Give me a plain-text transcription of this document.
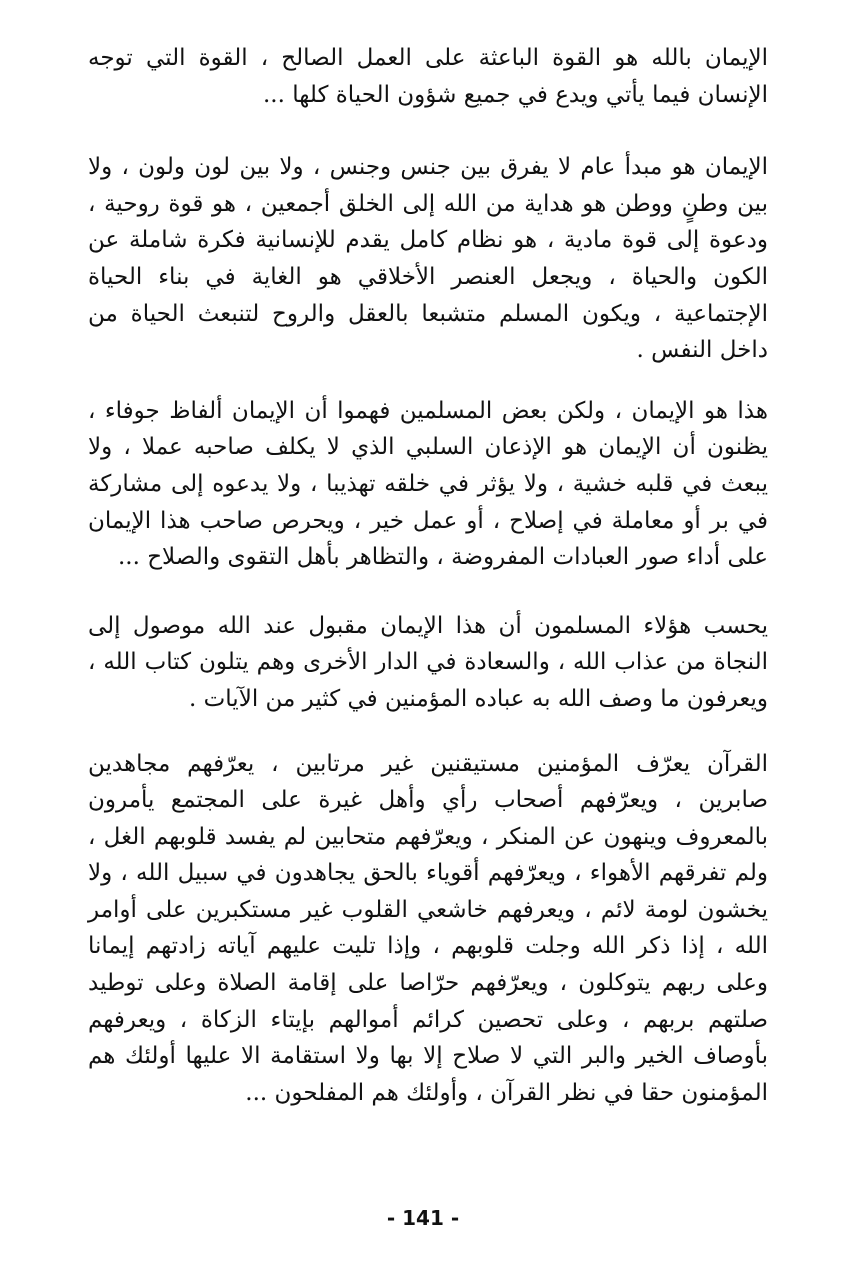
الإيمان بالله هو القوة الباعثة على العمل الصالح ، القوة التي توجه الإنسان فيما يأتي ويدع في جميع شؤون الحياة كلها ...

الإيمان هو مبدأ عام لا يفرق بين جنس وجنس ، ولا بين لون ولون ، ولا بين وطنٍ ووطن هو هداية من الله إلى الخلق أجمعين ، هو قوة روحية ، ودعوة إلى قوة مادية ، هو نظام كامل يقدم للإنسانية فكرة شاملة عن الكون والحياة ، ويجعل العنصر الأخلاقي هو الغاية في بناء الحياة الإجتماعية ، ويكون المسلم متشبعا بالعقل والروح لتنبعث الحياة من داخل النفس .

هذا هو الإيمان ، ولكن بعض المسلمين فهموا أن الإيمان ألفاظ جوفاء ، يظنون أن الإيمان هو الإذعان السلبي الذي لا يكلف صاحبه عملا ، ولا يبعث في قلبه خشية ، ولا يؤثر في خلقه تهذيبا ، ولا يدعوه إلى مشاركة في بر أو معاملة في إصلاح ، أو عمل خير ، ويحرص صاحب هذا الإيمان على أداء صور العبادات المفروضة ، والتظاهر بأهل التقوى والصلاح ...

يحسب هؤلاء المسلمون أن هذا الإيمان مقبول عند الله موصول إلى النجاة من عذاب الله ، والسعادة في الدار الأخرى وهم يتلون كتاب الله ، ويعرفون ما وصف الله به عباده المؤمنين في كثير من الآيات .

القرآن يعرّف المؤمنين مستيقنين غير مرتابين ، يعرّفهم مجاهدين صابرين ، ويعرّفهم أصحاب رأي وأهل غيرة على المجتمع يأمرون بالمعروف وينهون عن المنكر ، ويعرّفهم متحابين لم يفسد قلوبهم الغل ، ولم تفرقهم الأهواء ، ويعرّفهم أقوياء بالحق يجاهدون في سبيل الله ، ولا يخشون لومة لائم ، ويعرفهم خاشعي القلوب غير مستكبرين على أوامر الله ، إذا ذكر الله وجلت قلوبهم ، وإذا تليت عليهم آياته زادتهم إيمانا وعلى ربهم يتوكلون ، ويعرّفهم حرّاصا على إقامة الصلاة وعلى توطيد صلتهم بربهم ، وعلى تحصين كرائم أموالهم بإيتاء الزكاة ، ويعرفهم بأوصاف الخير والبر التي لا صلاح إلا بها ولا استقامة الا عليها أولئك هم المؤمنون حقا في نظر القرآن ، وأولئك هم المفلحون ...

- 141 -
